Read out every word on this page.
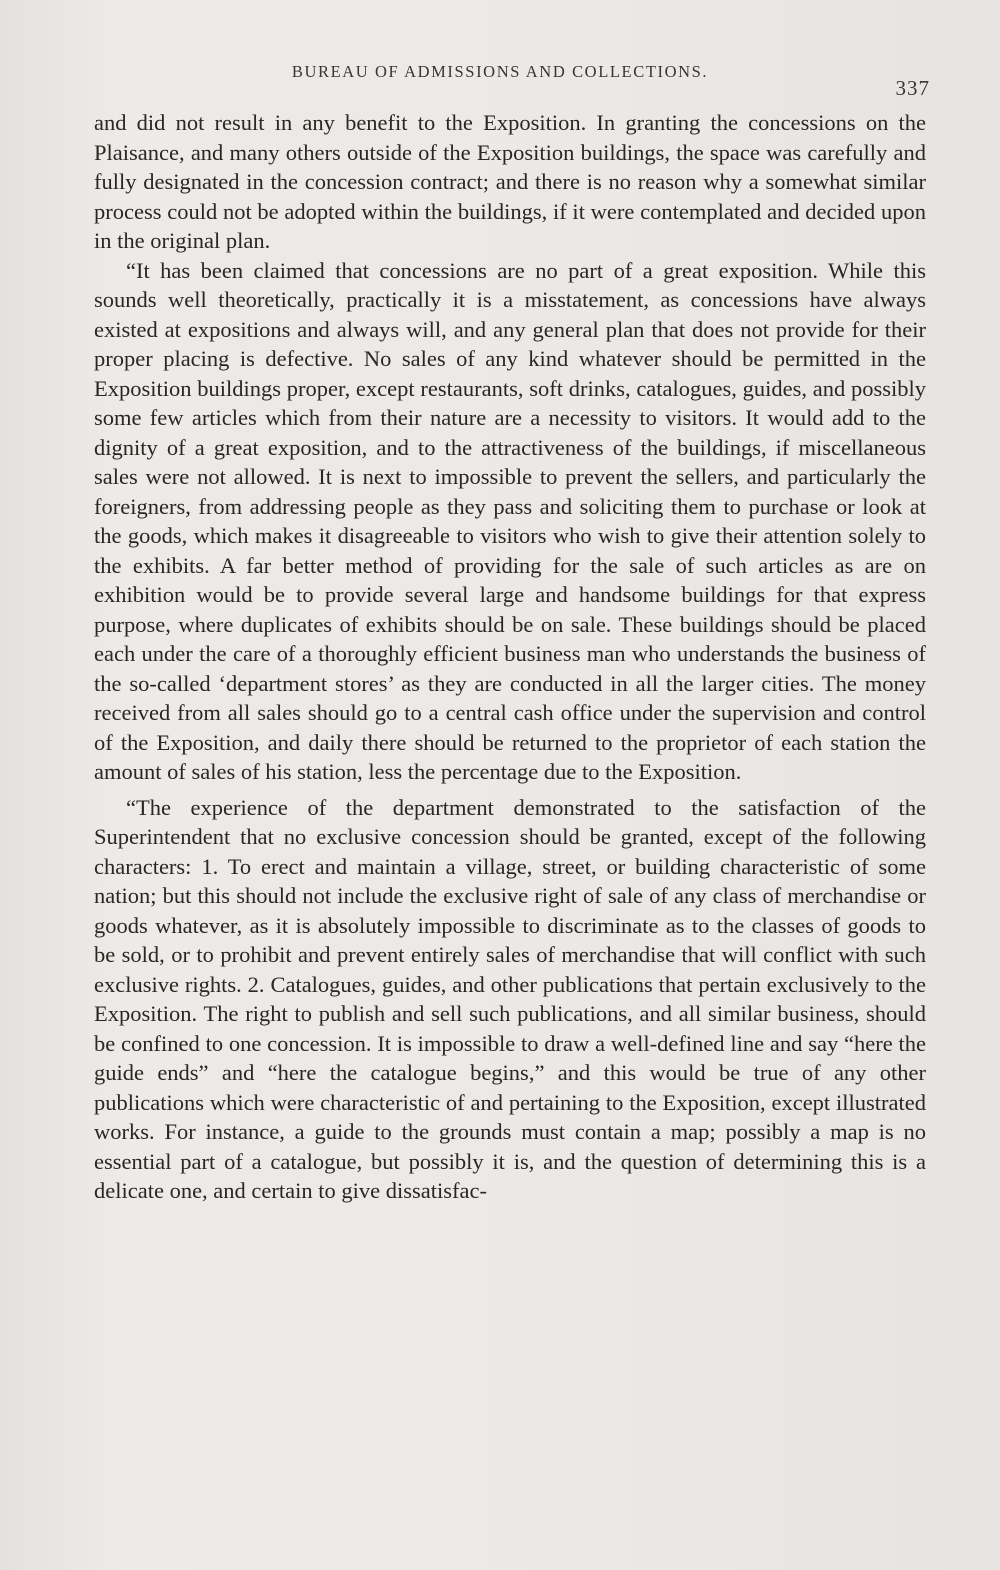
BUREAU OF ADMISSIONS AND COLLECTIONS.
337

and did not result in any benefit to the Exposition. In granting the concessions on the Plaisance, and many others outside of the Exposition buildings, the space was carefully and fully designated in the concession contract; and there is no reason why a somewhat similar process could not be adopted within the buildings, if it were contemplated and decided upon in the original plan.

“It has been claimed that concessions are no part of a great exposition. While this sounds well theoretically, practically it is a misstatement, as concessions have always existed at expositions and always will, and any general plan that does not provide for their proper placing is defective. No sales of any kind whatever should be permitted in the Exposition buildings proper, except restaurants, soft drinks, catalogues, guides, and possibly some few articles which from their nature are a necessity to visitors. It would add to the dignity of a great exposition, and to the attractiveness of the buildings, if miscellaneous sales were not allowed. It is next to impossible to prevent the sellers, and particularly the foreigners, from addressing people as they pass and soliciting them to purchase or look at the goods, which makes it disagreeable to visitors who wish to give their attention solely to the exhibits. A far better method of providing for the sale of such articles as are on exhibition would be to provide several large and handsome buildings for that express purpose, where duplicates of exhibits should be on sale. These buildings should be placed each under the care of a thoroughly efficient business man who understands the business of the so-called ‘department stores’ as they are conducted in all the larger cities. The money received from all sales should go to a central cash office under the supervision and control of the Exposition, and daily there should be returned to the proprietor of each station the amount of sales of his station, less the percentage due to the Exposition.

“The experience of the department demonstrated to the satisfaction of the Superintendent that no exclusive concession should be granted, except of the following characters: 1. To erect and maintain a village, street, or building characteristic of some nation; but this should not include the exclusive right of sale of any class of merchandise or goods whatever, as it is absolutely impossible to discriminate as to the classes of goods to be sold, or to prohibit and prevent entirely sales of merchandise that will conflict with such exclusive rights. 2. Catalogues, guides, and other publications that pertain exclusively to the Exposition. The right to publish and sell such publications, and all similar business, should be confined to one concession. It is impossible to draw a well-defined line and say “here the guide ends” and “here the catalogue begins,” and this would be true of any other publications which were characteristic of and pertaining to the Exposition, except illustrated works. For instance, a guide to the grounds must contain a map; possibly a map is no essential part of a catalogue, but possibly it is, and the question of determining this is a delicate one, and certain to give dissatisfac-
